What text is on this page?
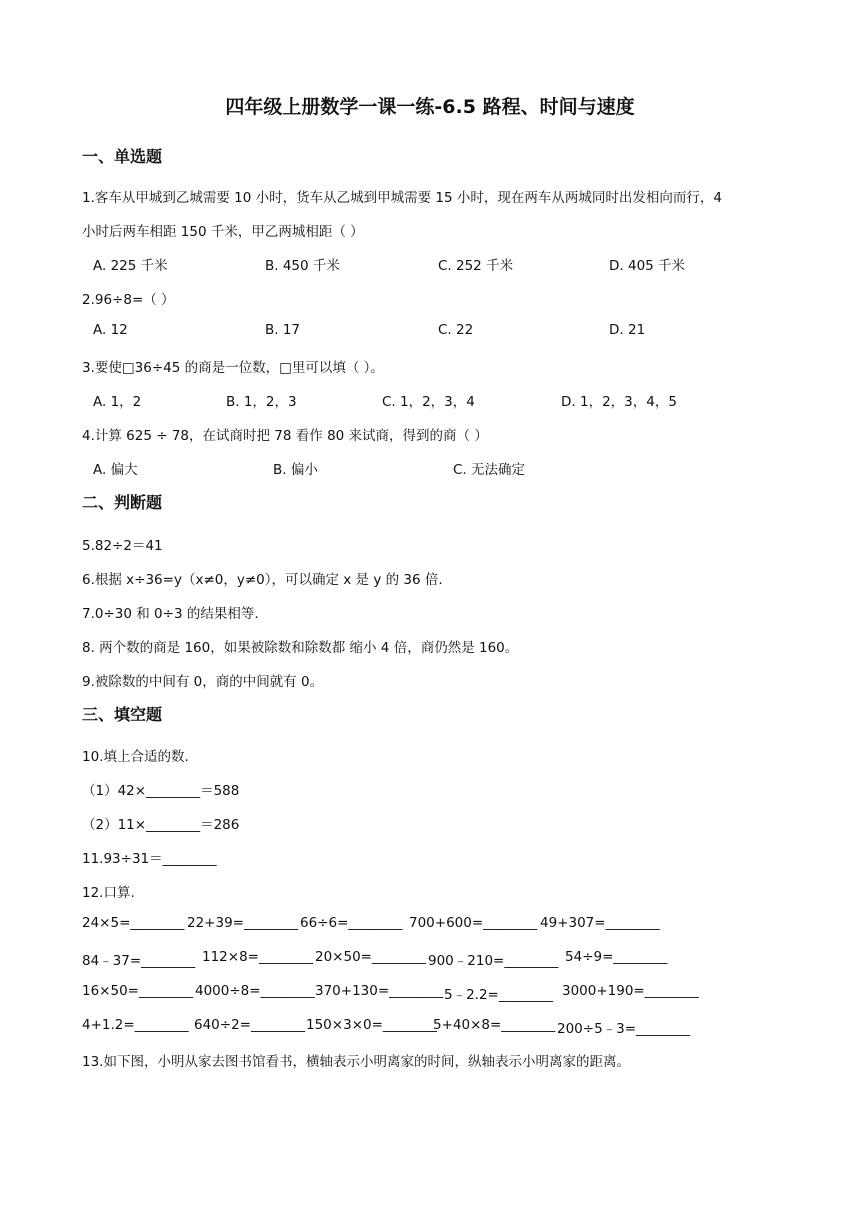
四年级上册数学一课一练-6.5 路程、时间与速度
一、单选题
1.客车从甲城到乙城需要 10 小时，货车从乙城到甲城需要 15 小时，现在两车从两城同时出发相向而行，4
小时后两车相距 150 千米，甲乙两城相距（ ）
A. 225 千米	B. 450 千米	C. 252 千米	D. 405 千米
2.96÷8=（ ）
A. 12	B. 17	C. 22	D. 21
3.要使□36÷45 的商是一位数，□里可以填（ ）。
A. 1，2	B. 1，2，3	C. 1，2，3，4	D. 1，2，3，4，5
4.计算 625 ÷ 78，在试商时把 78 看作 80 来试商，得到的商（ ）
A. 偏大	B. 偏小	C. 无法确定
二、判断题
5.82÷2＝41
6.根据 x÷36=y（x≠0，y≠0），可以确定 x 是 y 的 36 倍.
7.0÷30 和 0÷3 的结果相等.
8. 两个数的商是 160，如果被除数和除数都 缩小 4 倍，商仍然是 160。
9.被除数的中间有 0，商的中间就有 0。
三、填空题
10.填上合适的数.
（1）42×________＝588
（2）11×________＝286
11.93÷31＝________
12.口算.
24×5=________ 22+39=________ 66÷6=________ 700+600=________ 49+307=________
84﹣37=________ 112×8=________ 20×50=________ 900﹣210=________ 54÷9=________
16×50=________ 4000÷8=________ 370+130=________ 5﹣2.2=________ 3000+190=________
4+1.2=________ 640÷2=________ 150×3×0=________
5+40×8=________ 200÷5﹣3=________
13.如下图，小明从家去图书馆看书，横轴表示小明离家的时间，纵轴表示小明离家的距离。
